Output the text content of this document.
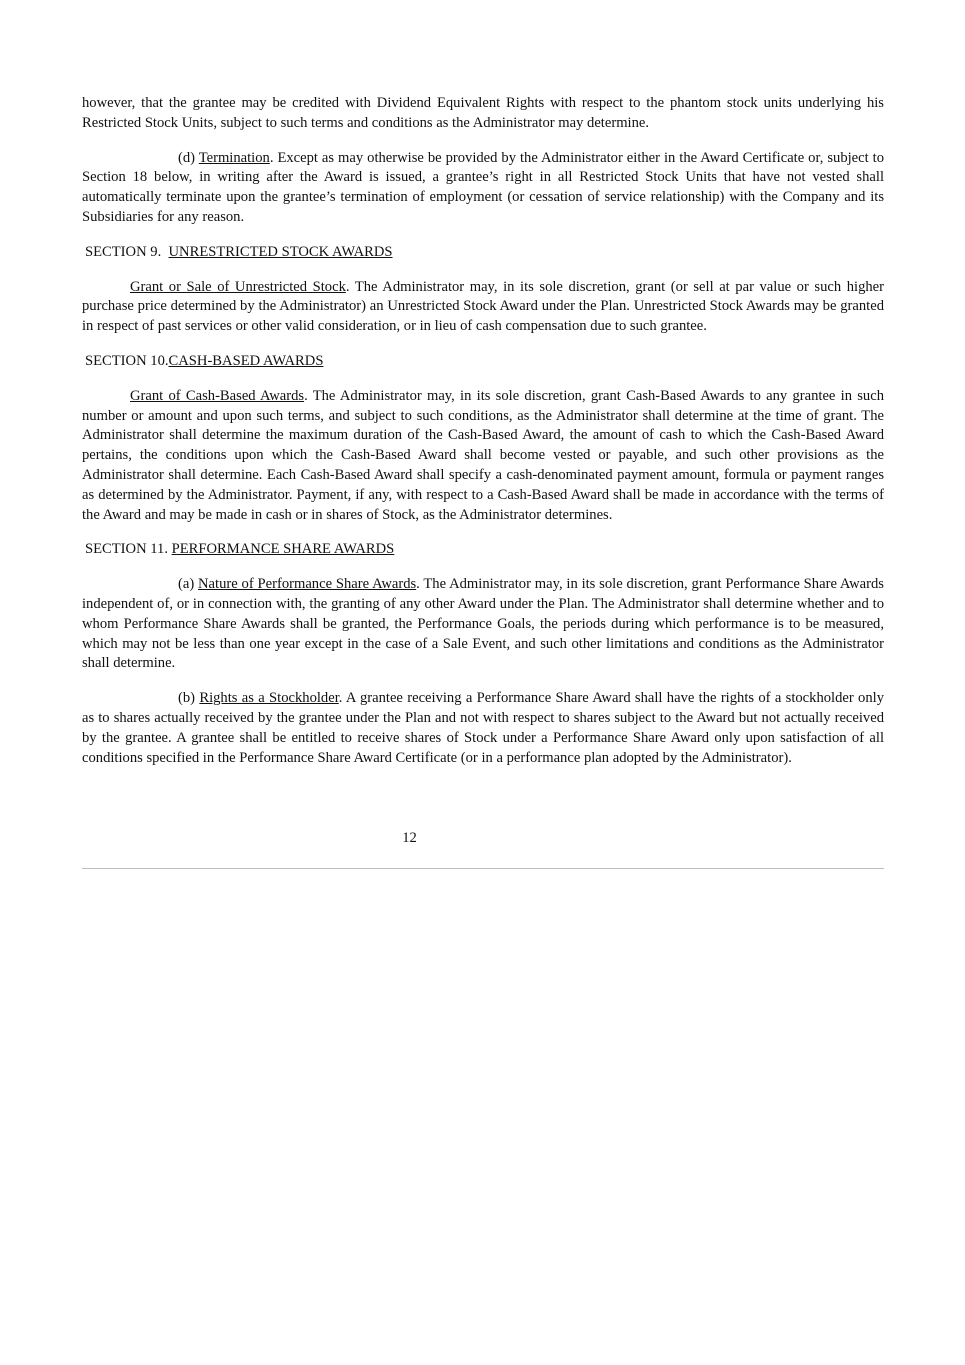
however, that the grantee may be credited with Dividend Equivalent Rights with respect to the phantom stock units underlying his Restricted Stock Units, subject to such terms and conditions as the Administrator may determine.

(d) Termination. Except as may otherwise be provided by the Administrator either in the Award Certificate or, subject to Section 18 below, in writing after the Award is issued, a grantee’s right in all Restricted Stock Units that have not vested shall automatically terminate upon the grantee’s termination of employment (or cessation of service relationship) with the Company and its Subsidiaries for any reason.

SECTION 9. UNRESTRICTED STOCK AWARDS

Grant or Sale of Unrestricted Stock. The Administrator may, in its sole discretion, grant (or sell at par value or such higher purchase price determined by the Administrator) an Unrestricted Stock Award under the Plan. Unrestricted Stock Awards may be granted in respect of past services or other valid consideration, or in lieu of cash compensation due to such grantee.

SECTION 10.CASH-BASED AWARDS

Grant of Cash-Based Awards. The Administrator may, in its sole discretion, grant Cash-Based Awards to any grantee in such number or amount and upon such terms, and subject to such conditions, as the Administrator shall determine at the time of grant. The Administrator shall determine the maximum duration of the Cash-Based Award, the amount of cash to which the Cash-Based Award pertains, the conditions upon which the Cash-Based Award shall become vested or payable, and such other provisions as the Administrator shall determine. Each Cash-Based Award shall specify a cash-denominated payment amount, formula or payment ranges as determined by the Administrator. Payment, if any, with respect to a Cash-Based Award shall be made in accordance with the terms of the Award and may be made in cash or in shares of Stock, as the Administrator determines.

SECTION 11. PERFORMANCE SHARE AWARDS

(a) Nature of Performance Share Awards. The Administrator may, in its sole discretion, grant Performance Share Awards independent of, or in connection with, the granting of any other Award under the Plan. The Administrator shall determine whether and to whom Performance Share Awards shall be granted, the Performance Goals, the periods during which performance is to be measured, which may not be less than one year except in the case of a Sale Event, and such other limitations and conditions as the Administrator shall determine.

(b) Rights as a Stockholder. A grantee receiving a Performance Share Award shall have the rights of a stockholder only as to shares actually received by the grantee under the Plan and not with respect to shares subject to the Award but not actually received by the grantee. A grantee shall be entitled to receive shares of Stock under a Performance Share Award only upon satisfaction of all conditions specified in the Performance Share Award Certificate (or in a performance plan adopted by the Administrator).

12
